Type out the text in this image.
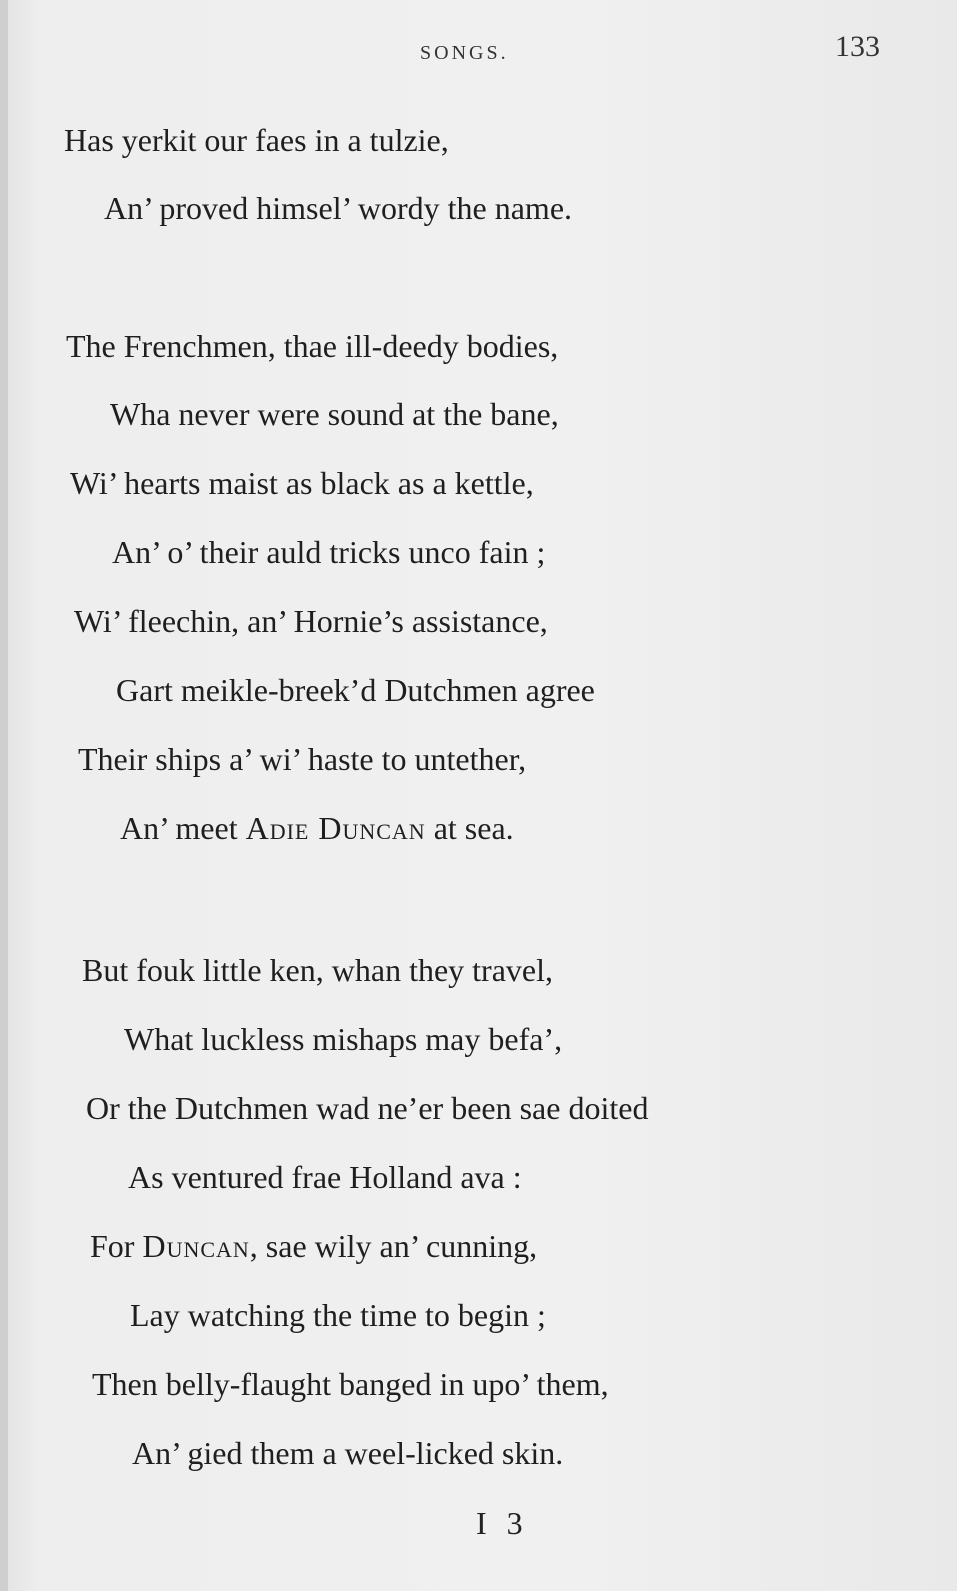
SONGS.	133
Has yerkit our faes in a tulzie,
An’ proved himsel’ wordy the name.
The Frenchmen, thae ill-deedy bodies,
Wha never were sound at the bane,
Wi’ hearts maist as black as a kettle,
An’ o’ their auld tricks unco fain ;
Wi’ fleechin, an’ Hornie’s assistance,
Gart meikle-breek’d Dutchmen agree
Their ships a’ wi’ haste to untether,
An’ meet Adie Duncan at sea.
But fouk little ken, whan they travel,
What luckless mishaps may befa’,
Or the Dutchmen wad ne’er been sae doited
As ventured frae Holland ava :
For Duncan, sae wily an’ cunning,
Lay watching the time to begin ;
Then belly-flaught banged in upo’ them,
An’ gied them a weel-licked skin.
I 3
